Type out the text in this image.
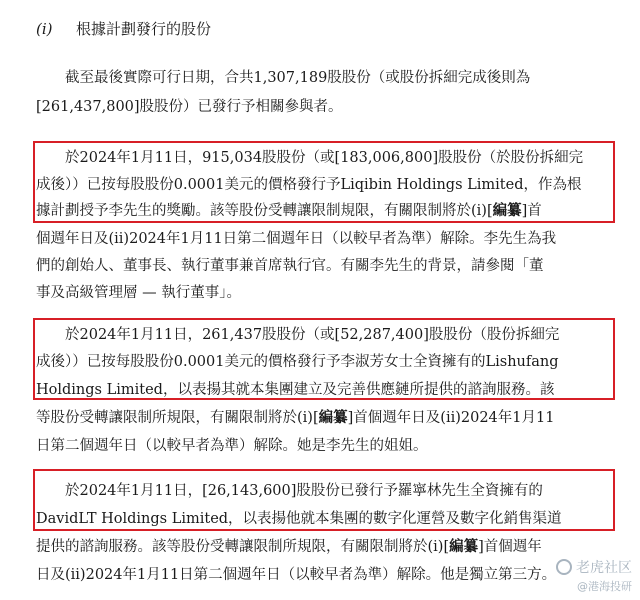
(i) 根據計劃發行的股份
　　截至最後實際可行日期，合共1,307,189股股份（或股份拆細完成後則為
[261,437,800]股股份）已發行予相關參與者。
　　於2024年1月11日，915,034股股份（或[183,006,800]股股份（於股份拆細完
成後））已按每股股份0.0001美元的價格發行予Liqibin Holdings Limited，作為根
據計劃授予李先生的獎勵。該等股份受轉讓限制規限，有關限制將於(i)[編纂]首
個週年日及(ii)2024年1月11日第二個週年日（以較早者為準）解除。李先生為我
們的創始人、董事長、執行董事兼首席執行官。有關李先生的背景，請參閱「董
事及高級管理層 — 執行董事」。
　　於2024年1月11日，261,437股股份（或[52,287,400]股股份（股份拆細完
成後））已按每股股份0.0001美元的價格發行予李淑芳女士全資擁有的Lishufang
Holdings Limited，以表揚其就本集團建立及完善供應鏈所提供的諮詢服務。該
等股份受轉讓限制所規限，有關限制將於(i)[編纂]首個週年日及(ii)2024年1月11
日第二個週年日（以較早者為準）解除。她是李先生的姐姐。
　　於2024年1月11日，[26,143,600]股股份已發行予羅寧林先生全資擁有的
DavidLT Holdings Limited，以表揚他就本集團的數字化運營及數字化銷售渠道
提供的諮詢服務。該等股份受轉讓限制所規限，有關限制將於(i)[編纂]首個週年
日及(ii)2024年1月11日第二個週年日（以較早者為準）解除。他是獨立第三方。 老虎社区
@港海投研
